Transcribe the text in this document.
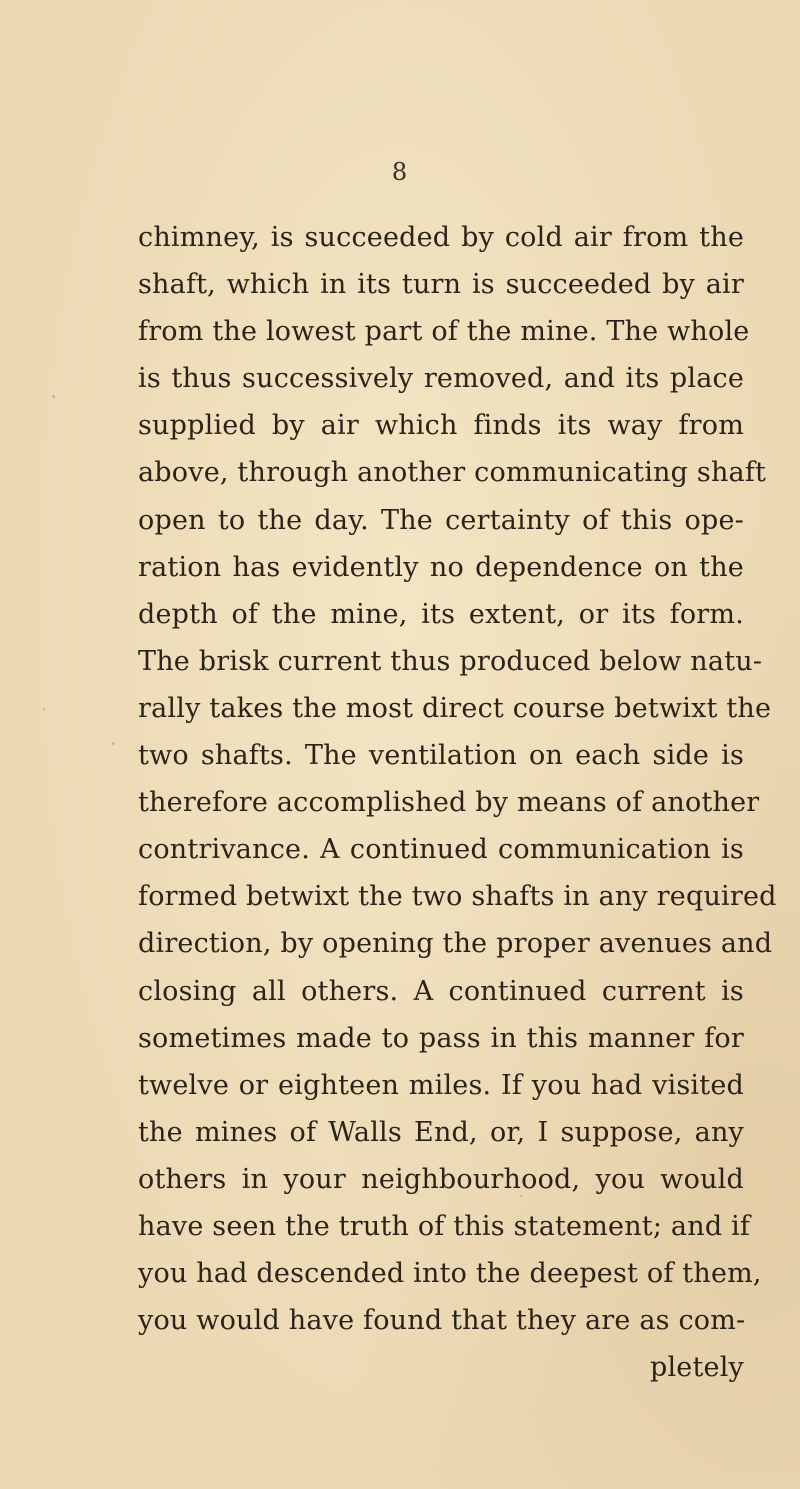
8
chimney, is succeeded by cold air from the
shaft, which in its turn is succeeded by air
from the lowest part of the mine. The whole
is thus successively removed, and its place
supplied by air which finds its way from
above, through another communicating shaft
open to the day. The certainty of this ope-
ration has evidently no dependence on the
depth of the mine, its extent, or its form.
The brisk current thus produced below natu-
rally takes the most direct course betwixt the
two shafts. The ventilation on each side is
therefore accomplished by means of another
contrivance. A continued communication is
formed betwixt the two shafts in any required
direction, by opening the proper avenues and
closing all others. A continued current is
sometimes made to pass in this manner for
twelve or eighteen miles. If you had visited
the mines of Walls End, or, I suppose, any
others in your neighbourhood, you would
have seen the truth of this statement; and if
you had descended into the deepest of them,
you would have found that they are as com-
pletely
